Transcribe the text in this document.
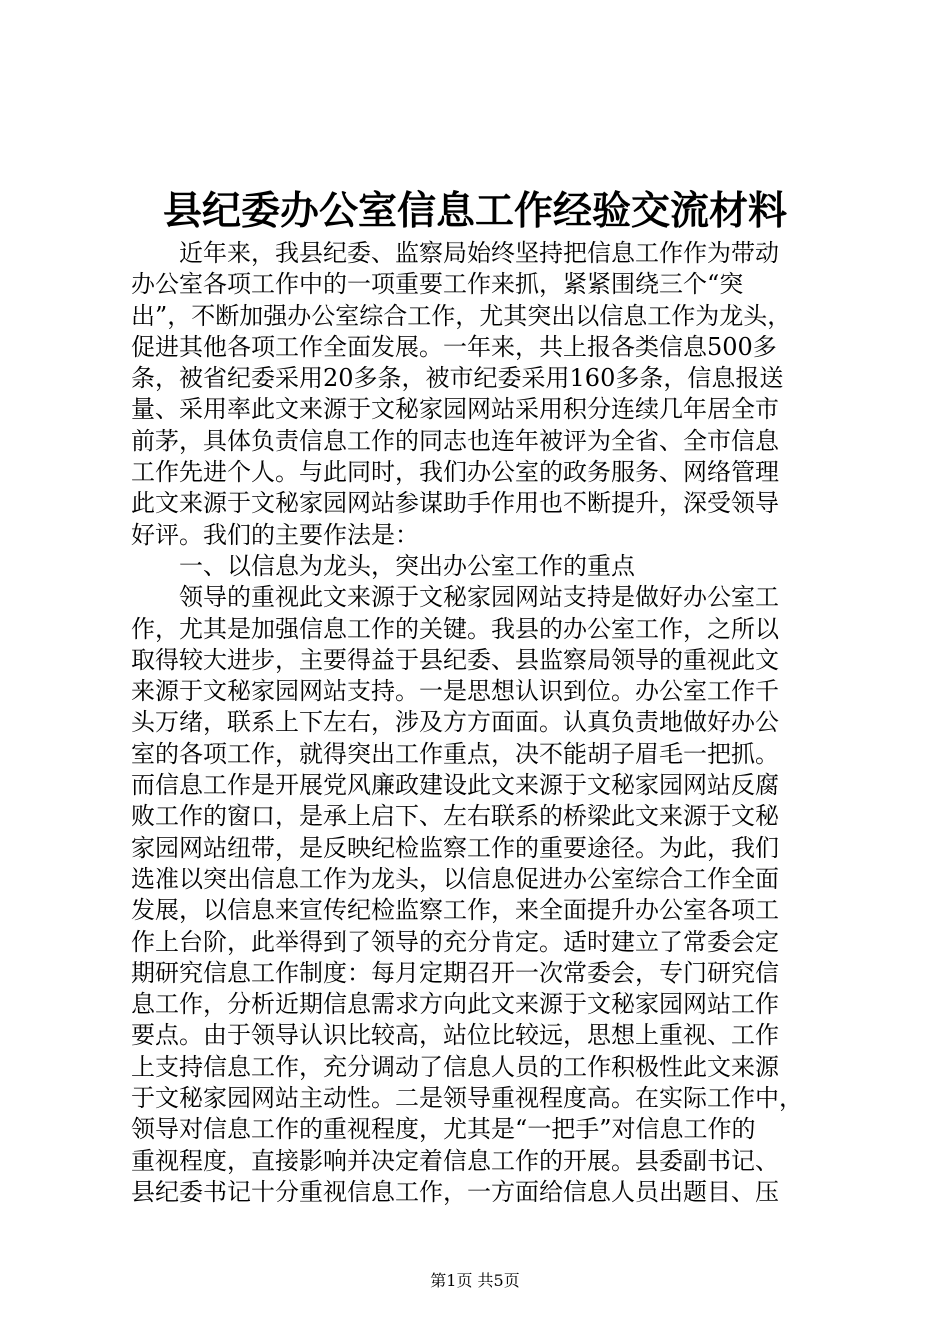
县纪委办公室信息工作经验交流材料
近年来，我县纪委、监察局始终坚持把信息工作作为带动
办公室各项工作中的一项重要工作来抓，紧紧围绕三个“突
出”，不断加强办公室综合工作，尤其突出以信息工作为龙头，
促进其他各项工作全面发展。一年来，共上报各类信息500多
条，被省纪委采用20多条，被市纪委采用160多条，信息报送
量、采用率此文来源于文秘家园网站采用积分连续几年居全市
前茅，具体负责信息工作的同志也连年被评为全省、全市信息
工作先进个人。与此同时，我们办公室的政务服务、网络管理
此文来源于文秘家园网站参谋助手作用也不断提升，深受领导
好评。我们的主要作法是：
一、以信息为龙头，突出办公室工作的重点
领导的重视此文来源于文秘家园网站支持是做好办公室工
作，尤其是加强信息工作的关键。我县的办公室工作，之所以
取得较大进步，主要得益于县纪委、县监察局领导的重视此文
来源于文秘家园网站支持。一是思想认识到位。办公室工作千
头万绪，联系上下左右，涉及方方面面。认真负责地做好办公
室的各项工作，就得突出工作重点，决不能胡子眉毛一把抓。
而信息工作是开展党风廉政建设此文来源于文秘家园网站反腐
败工作的窗口，是承上启下、左右联系的桥梁此文来源于文秘
家园网站纽带，是反映纪检监察工作的重要途径。为此，我们
选准以突出信息工作为龙头，以信息促进办公室综合工作全面
发展，以信息来宣传纪检监察工作，来全面提升办公室各项工
作上台阶，此举得到了领导的充分肯定。适时建立了常委会定
期研究信息工作制度：每月定期召开一次常委会，专门研究信
息工作，分析近期信息需求方向此文来源于文秘家园网站工作
要点。由于领导认识比较高，站位比较远，思想上重视、工作
上支持信息工作，充分调动了信息人员的工作积极性此文来源
于文秘家园网站主动性。二是领导重视程度高。在实际工作中，
领导对信息工作的重视程度，尤其是“一把手”对信息工作的
重视程度，直接影响并决定着信息工作的开展。县委副书记、
县纪委书记十分重视信息工作，一方面给信息人员出题目、压
第1页 共5页
